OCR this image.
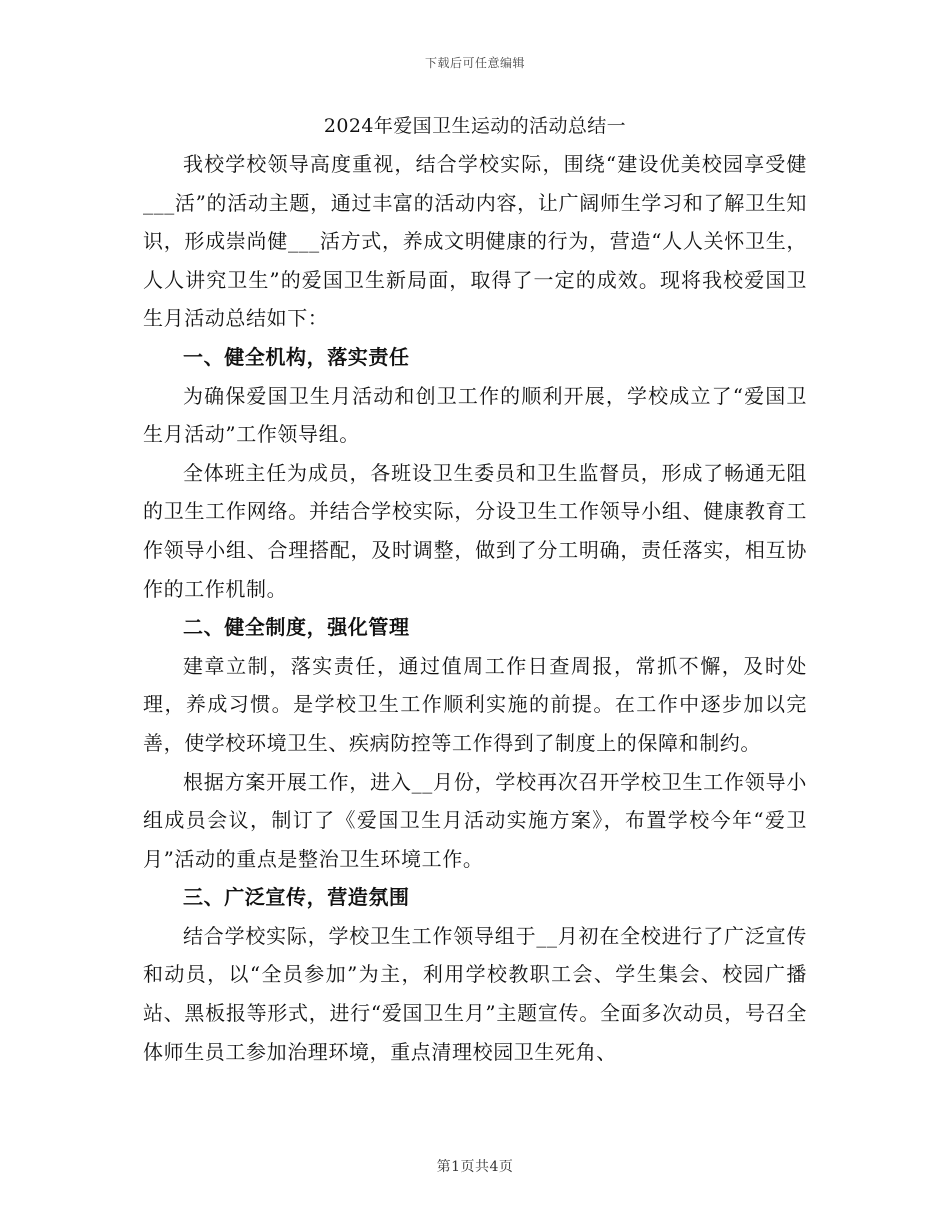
下载后可任意编辑
2024年爱国卫生运动的活动总结一

我校学校领导高度重视，结合学校实际，围绕“建设优美校园享受健___活”的活动主题，通过丰富的活动内容，让广阔师生学习和了解卫生知识，形成崇尚健___活方式，养成文明健康的行为，营造“人人关怀卫生，人人讲究卫生”的爱国卫生新局面，取得了一定的成效。现将我校爱国卫生月活动总结如下：

一、健全机构，落实责任

为确保爱国卫生月活动和创卫工作的顺利开展，学校成立了“爱国卫生月活动”工作领导组。

全体班主任为成员，各班设卫生委员和卫生监督员，形成了畅通无阻的卫生工作网络。并结合学校实际，分设卫生工作领导小组、健康教育工作领导小组、合理搭配，及时调整，做到了分工明确，责任落实，相互协作的工作机制。

二、健全制度，强化管理

建章立制，落实责任，通过值周工作日查周报，常抓不懈，及时处理，养成习惯。是学校卫生工作顺利实施的前提。在工作中逐步加以完善，使学校环境卫生、疾病防控等工作得到了制度上的保障和制约。

根据方案开展工作，进入__月份，学校再次召开学校卫生工作领导小组成员会议，制订了《爱国卫生月活动实施方案》，布置学校今年“爱卫月”活动的重点是整治卫生环境工作。

三、广泛宣传，营造氛围

结合学校实际，学校卫生工作领导组于__月初在全校进行了广泛宣传和动员，以“全员参加”为主，利用学校教职工会、学生集会、校园广播站、黑板报等形式，进行“爱国卫生月”主题宣传。全面多次动员，号召全体师生员工参加治理环境，重点清理校园卫生死角、

第1页共4页
